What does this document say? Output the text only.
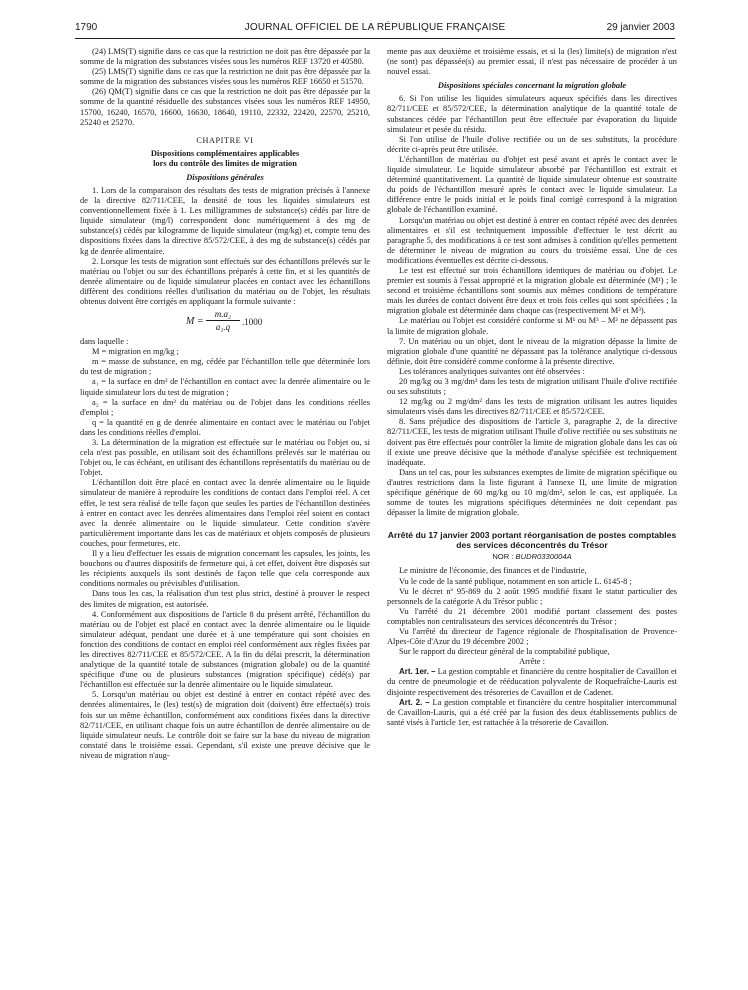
1790	JOURNAL OFFICIEL DE LA RÉPUBLIQUE FRANÇAISE	29 janvier 2003

(24) LMS(T) signifie dans ce cas que la restriction ne doit pas être dépassée par la somme de la migration des substances visées sous les numéros REF 13720 et 40580.

(25) LMS(T) signifie dans ce cas que la restriction ne doit pas être dépassée par la somme de la migration des substances visées sous les numéros REF 16650 et 51570.

(26) QM(T) signifie dans ce cas que la restriction ne doit pas être dépassée par la somme de la quantité résiduelle des substances visées sous les numéros REF 14950, 15700, 16240, 16570, 16600, 16630, 18640, 19110, 22332, 22420, 22570, 25210, 25240 et 25270.

CHAPITRE VI

Dispositions complémentaires applicables

lors du contrôle des limites de migration

Dispositions générales

1. Lors de la comparaison des résultats des tests de migration précisés à l'annexe de la directive 82/711/CEE, la densité de tous les liquides simulateurs est conventionnellement fixée à 1. Les milligrammes de substance(s) cédés par litre de liquide simulateur (mg/l) correspondent donc numériquement à des mg de substance(s) cédés par kilogramme de liquide simulateur (mg/kg) et, compte tenu des dispositions fixées dans la directive 85/572/CEE, à des mg de substance(s) cédés par kg de denrée alimentaire.

2. Lorsque les tests de migration sont effectués sur des échantillons prélevés sur le matériau ou l'objet ou sur des échantillons préparés à cette fin, et si les quantités de denrée alimentaire ou de liquide simulateur placées en contact avec les échantillons diffèrent des conditions réelles d'utilisation du matériau ou de l'objet, les résultats obtenus doivent être corrigés en appliquant la formule suivante :

$M = \frac{\text{m.a₂}}{\text{a₁.q}} .1000$

dans laquelle :

M = migration en mg/kg ;

m = masse de substance, en mg, cédée par l'échantillon telle que déterminée lors du test de migration ;

a₁ = la surface en dm² de l'échantillon en contact avec la denrée alimentaire ou le liquide simulateur lors du test de migration ;

a₂ = la surface en dm² du matériau ou de l'objet dans les conditions réelles d'emploi ;

q = la quantité en g de denrée alimentaire en contact avec le matériau ou l'objet dans les conditions réelles d'emploi.

3. La détermination de la migration est effectuée sur le matériau ou l'objet ou, si cela n'est pas possible, en utilisant soit des échantillons prélevés sur le matériau ou l'objet ou, le cas échéant, en utilisant des échantillons représentatifs du matériau ou de l'objet.

L'échantillon doit être placé en contact avec la denrée alimentaire ou le liquide simulateur de manière à reproduire les conditions de contact dans l'emploi réel. A cet effet, le test sera réalisé de telle façon que seules les parties de l'échantillon destinées à entrer en contact avec les denrées alimentaires dans l'emploi réel soient en contact avec la denrée alimentaire ou le liquide simulateur. Cette condition s'avère particulièrement importante dans les cas de matériaux et objets composés de plusieurs couches, pour fermetures, etc.

Il y a lieu d'effectuer les essais de migration concernant les capsules, les joints, les bouchons ou d'autres dispositifs de fermeture qui, à cet effet, doivent être disposés sur les récipients auxquels ils sont destinés de façon telle que cela corresponde aux conditions normales ou prévisibles d'utilisation.

Dans tous les cas, la réalisation d'un test plus strict, destiné à prouver le respect des limites de migration, est autorisée.

4. Conformément aux dispositions de l'article 8 du présent arrêté, l'échantillon du matériau ou de l'objet est placé en contact avec la denrée alimentaire ou le liquide simulateur adéquat, pendant une durée et à une température qui sont choisies en fonction des conditions de contact en emploi réel conformément aux règles fixées par les directives 82/711/CEE et 85/572/CEE. A la fin du délai prescrit, la détermination analytique de la quantité totale de substances (migration globale) ou de la quantité spécifique d'une ou de plusieurs substances (migration spécifique) cédé(s) par l'échantillon est effectuée sur la denrée alimentaire ou le liquide simulateur.

5. Lorsqu'un matériau ou objet est destiné à entrer en contact répété avec des denrées alimentaires, le (les) test(s) de migration doit (doivent) être effectué(s) trois fois sur un même échantillon, conformément aux conditions fixées dans la directive 82/711/CEE, en utilisant chaque fois un autre échantillon de denrée alimentaire ou de liquide simulateur neufs. Le contrôle doit se faire sur la base du niveau de migration constaté dans le troisième essai. Cependant, s'il existe une preuve décisive que le niveau de migration n'aug-

mente pas aux deuxième et troisième essais, et si la (les) limite(s) de migration n'est (ne sont) pas dépassée(s) au premier essai, il n'est pas nécessaire de procéder à un nouvel essai.

Dispositions spéciales concernant la migration globale

6. Si l'on utilise les liquides simulateurs aqueux spécifiés dans les directives 82/711/CEE et 85/572/CEE, la détermination analytique de la quantité totale de substances cédée par l'échantillon peut être effectuée par évaporation du liquide simulateur et pesée du résidu.

Si l'on utilise de l'huile d'olive rectifiée ou un de ses substituts, la procédure décrite ci-après peut être utilisée.

L'échantillon de matériau ou d'objet est pesé avant et après le contact avec le liquide simulateur. Le liquide simulateur absorbé par l'échantillon est extrait et déterminé quantitativement. La quantité de liquide simulateur obtenue est soustraite du poids de l'échantillon mesuré après le contact avec le liquide simulateur. La différence entre le poids initial et le poids final corrigé correspond à la migration globale de l'échantillon examiné.

Lorsqu'un matériau ou objet est destiné à entrer en contact répété avec des denrées alimentaires et s'il est techniquement impossible d'effectuer le test décrit au paragraphe 5, des modifications à ce test sont admises à condition qu'elles permettent de déterminer le niveau de migration au cours du troisième essai. Une de ces modifications éventuelles est décrite ci-dessous.

Le test est effectué sur trois échantillons identiques de matériau ou d'objet. Le premier est soumis à l'essai approprié et la migration globale est déterminée (M¹) ; le second et troisième échantillons sont soumis aux mêmes conditions de température mais les durées de contact doivent être deux et trois fois celles qui sont spécifiées ; la migration globale est déterminée dans chaque cas (respectivement M² et M³).

Le matériau ou l'objet est considéré conforme si M¹ ou M³ – M² ne dépassent pas la limite de migration globale.

7. Un matériau ou un objet, dont le niveau de la migration dépasse la limite de migration globale d'une quantité ne dépassant pas la tolérance analytique ci-dessous définie, doit être considéré comme conforme à la présente directive.

Les tolérances analytiques suivantes ont été observées :

20 mg/kg ou 3 mg/dm² dans les tests de migration utilisant l'huile d'olive rectifiée ou ses substituts ;

12 mg/kg ou 2 mg/dm² dans les tests de migration utilisant les autres liquides simulateurs visés dans les directives 82/711/CEE et 85/572/CEE.

8. Sans préjudice des dispositions de l'article 3, paragraphe 2, de la directive 82/711/CEE, les tests de migration utilisant l'huile d'olive rectifiée ou ses substituts ne doivent pas être effectués pour contrôler la limite de migration globale dans les cas où il existe une preuve décisive que la méthode d'analyse spécifiée est techniquement inadéquate.

Dans un tel cas, pour les substances exemptes de limite de migration spécifique ou d'autres restrictions dans la liste figurant à l'annexe II, une limite de migration spécifique générique de 60 mg/kg ou 10 mg/dm², selon le cas, est appliquée. La somme de toutes les migrations spécifiques déterminées ne doit cependant pas dépasser la limite de migration globale.

Arrêté du 17 janvier 2003 portant réorganisation de postes comptables des services déconcentrés du Trésor

NOR : BUDR0330004A

Le ministre de l'économie, des finances et de l'industrie,

Vu le code de la santé publique, notamment en son article L. 6145-8 ;

Vu le décret nº 95-869 du 2 août 1995 modifié fixant le statut particulier des personnels de la catégorie A du Trésor public ;

Vu l'arrêté du 21 décembre 2001 modifié portant classement des postes comptables non centralisateurs des services déconcentrés du Trésor ;

Vu l'arrêté du directeur de l'agence régionale de l'hospitalisation de Provence-Alpes-Côte d'Azur du 19 décembre 2002 ;

Sur le rapport du directeur général de la comptabilité publique,

Arrête :

Art. 1er. – La gestion comptable et financière du centre hospitalier de Cavaillon et du centre de pneumologie et de rééducation polyvalente de Roquefraîche-Lauris est disjointe respectivement des trésoreries de Cavaillon et de Cadenet.

Art. 2. – La gestion comptable et financière du centre hospitalier intercommunal de Cavaillon-Lauris, qui a été créé par la fusion des deux établissements publics de santé visés à l'article 1er, est rattachée à la trésorerie de Cavaillon.
